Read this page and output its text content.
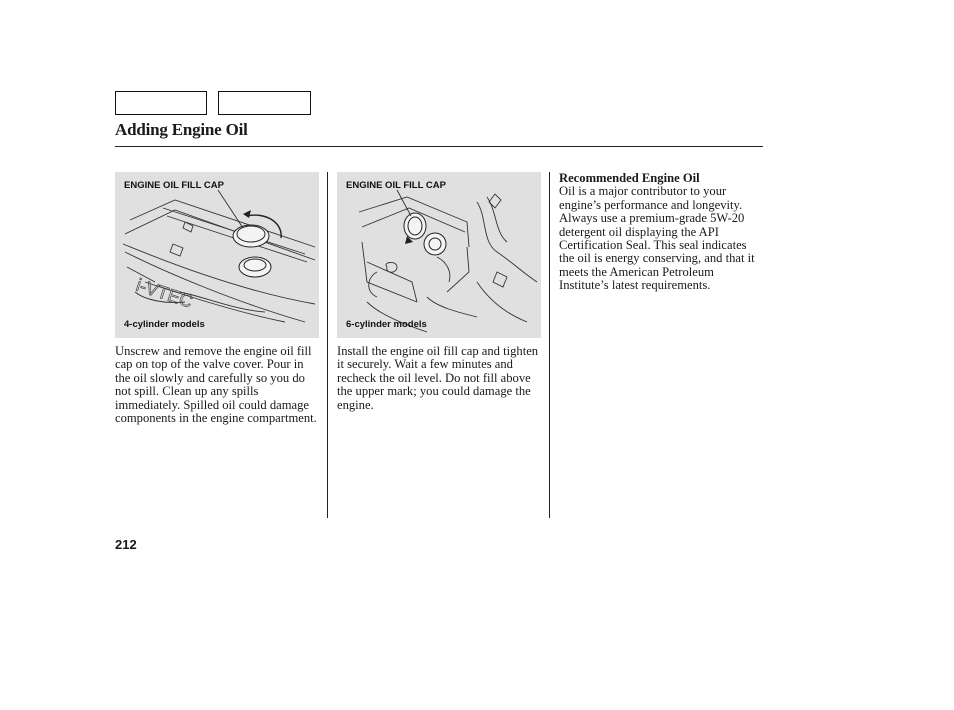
Adding Engine Oil
i-VTEC
ENGINE OIL FILL CAP
4-cylinder models
ENGINE OIL FILL CAP
6-cylinder models
Unscrew and remove the engine oil fill cap on top of the valve cover. Pour in the oil slowly and carefully so you do not spill. Clean up any spills immediately. Spilled oil could damage components in the engine compartment.
Install the engine oil fill cap and tighten it securely. Wait a few minutes and recheck the oil level. Do not fill above the upper mark; you could damage the engine.
Recommended Engine Oil
Oil is a major contributor to your engine’s performance and longevity. Always use a premium-grade 5W-20 detergent oil displaying the API Certification Seal. This seal indicates the oil is energy conserving, and that it meets the American Petroleum Institute’s latest requirements.
212
